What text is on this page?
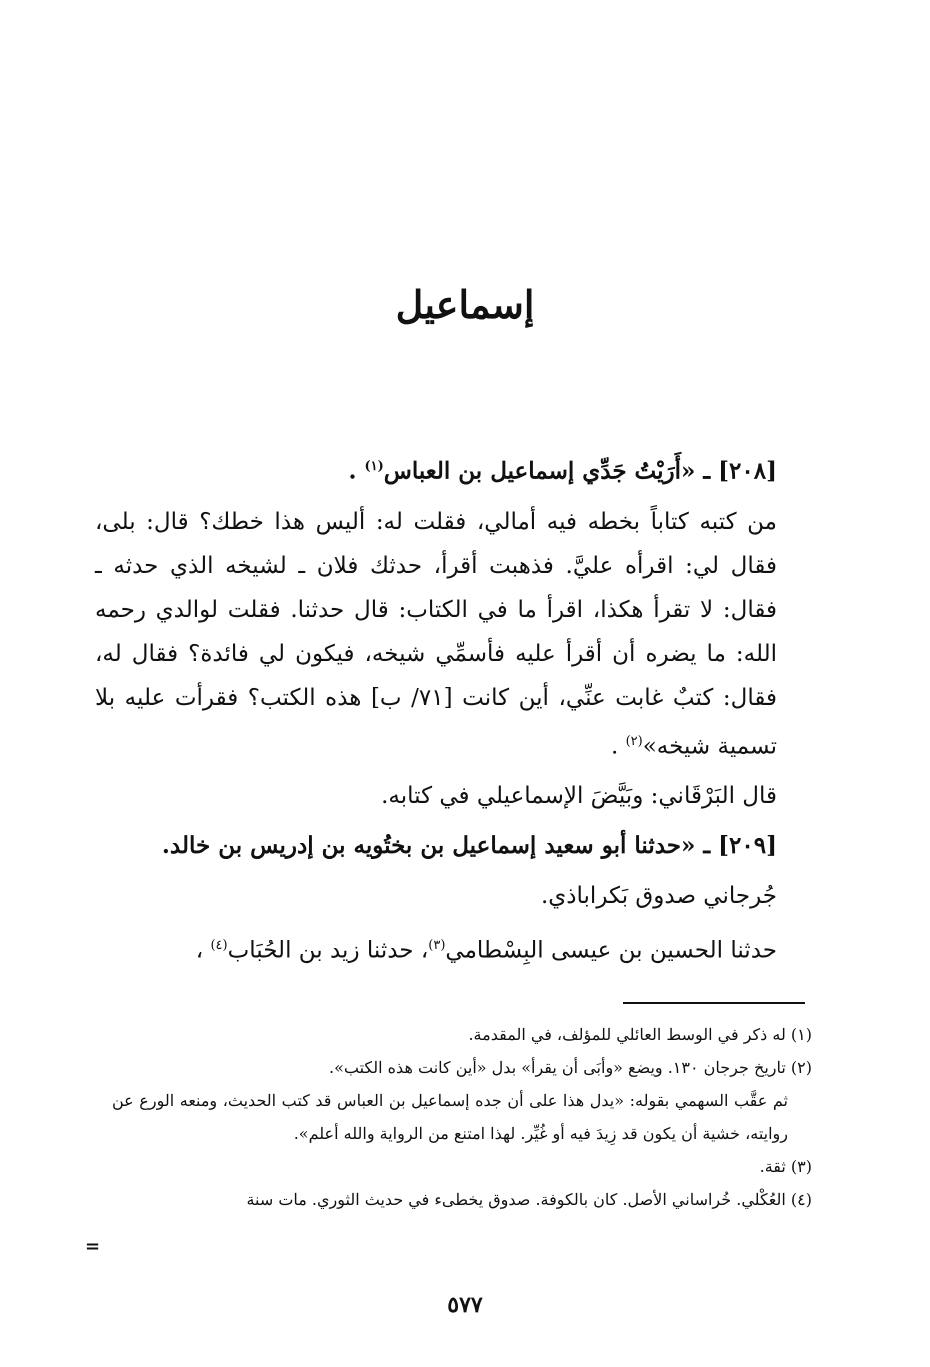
إسماعيل

[٢٠٨] ـ «أَرَيْتُ جَدِّي إسماعيل بن العباس$^{(١)}$ .

من كتبه كتاباً بخطه فيه أمالي، فقلت له: أليس هذا خطك؟ قال: بلى، فقال لي: اقرأه عليَّ. فذهبت أقرأ، حدثك فلان ـ لشيخه الذي حدثه ـ فقال: لا تقرأ هكذا، اقرأ ما في الكتاب: قال حدثنا. فقلت لوالدي رحمه الله: ما يضره أن أقرأ عليه فأسمِّي شيخه، فيكون لي فائدة؟ فقال له، فقال: كتبٌ غابت عنِّي، أين كانت [٧١/ ب] هذه الكتب؟ فقرأت عليه بلا تسمية شيخه»$^{(٢)}$ .

قال البَرْقَاني: وبَيَّضَ الإسماعيلي في كتابه.

[٢٠٩] ـ «حدثنا أبو سعيد إسماعيل بن بختُويه بن إدريس بن خالد.

جُرجاني صدوق بَكراباذي.

حدثنا الحسين بن عيسى البِسْطامي$^{(٣)}$، حدثنا زيد بن الحُبَاب$^{(٤)}$ ،

(١) له ذكر في الوسط العائلي للمؤلف، في المقدمة.

(٢) تاريخ جرجان ١٣٠. ويضع «وأبَى أن يقرأ» بدل «أين كانت هذه الكتب».

ثم عقَّب السهمي بقوله: «يدل هذا على أن جده إسماعيل بن العباس قد كتب الحديث، ومنعه الورع عن روايته، خشية أن يكون قد زِيدَ فيه أو غُيِّر. لهذا امتنع من الرواية والله أعلم».

(٣) ثقة.

(٤) العُكْلي. خُراساني الأصل. كان بالكوفة. صدوق يخطىء في حديث الثوري. مات سنة

=
٥٧٧
